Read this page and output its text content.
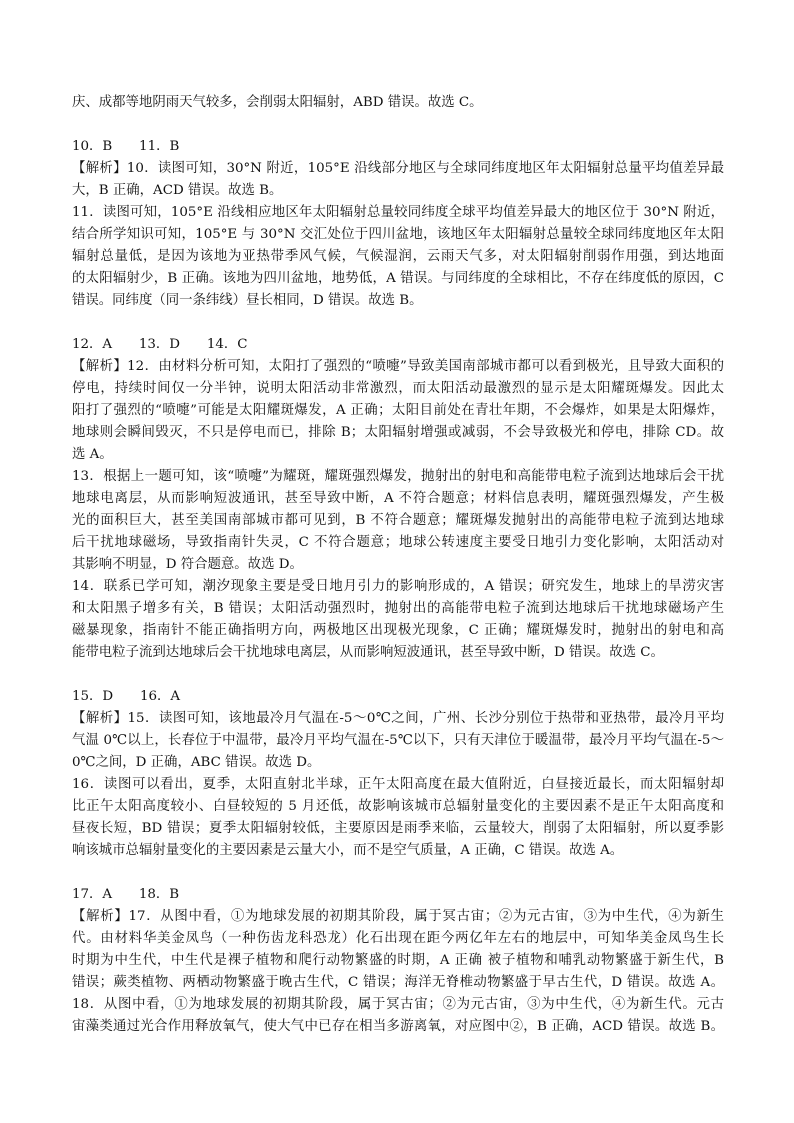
庆、成都等地阴雨天气较多，会削弱太阳辐射，ABD 错误。故选 C。
10．B　　11．B
【解析】10．读图可知，30°N 附近，105°E 沿线部分地区与全球同纬度地区年太阳辐射总量平均值差异最
大，B 正确，ACD 错误。故选 B。
11．读图可知，105°E 沿线相应地区年太阳辐射总量较同纬度全球平均值差异最大的地区位于 30°N 附近，
结合所学知识可知，105°E 与 30°N 交汇处位于四川盆地，该地区年太阳辐射总量较全球同纬度地区年太阳
辐射总量低，是因为该地为亚热带季风气候，气候湿润，云雨天气多，对太阳辐射削弱作用强，到达地面
的太阳辐射少，B 正确。该地为四川盆地，地势低，A 错误。与同纬度的全球相比，不存在纬度低的原因，C
错误。同纬度（同一条纬线）昼长相同，D 错误。故选 B。
12．A　　13．D　　14．C
【解析】12．由材料分析可知，太阳打了强烈的“喷嚏”导致美国南部城市都可以看到极光，且导致大面积的
停电，持续时间仅一分半钟，说明太阳活动非常激烈，而太阳活动最激烈的显示是太阳耀斑爆发。因此太
阳打了强烈的“喷嚏”可能是太阳耀斑爆发，A 正确；太阳目前处在青壮年期，不会爆炸，如果是太阳爆炸，
地球则会瞬间毁灭，不只是停电而已，排除 B；太阳辐射增强或减弱，不会导致极光和停电，排除 CD。故
选 A。
13．根据上一题可知，该“喷嚏”为耀斑，耀斑强烈爆发，抛射出的射电和高能带电粒子流到达地球后会干扰
地球电离层，从而影响短波通讯，甚至导致中断，A 不符合题意；材料信息表明，耀斑强烈爆发，产生极
光的面积巨大，甚至美国南部城市都可见到，B 不符合题意；耀斑爆发抛射出的高能带电粒子流到达地球
后干扰地球磁场，导致指南针失灵，C 不符合题意；地球公转速度主要受日地引力变化影响，太阳活动对
其影响不明显，D 符合题意。故选 D。
14．联系已学可知，潮汐现象主要是受日地月引力的影响形成的，A 错误；研究发生，地球上的旱涝灾害
和太阳黑子增多有关，B 错误；太阳活动强烈时，抛射出的高能带电粒子流到达地球后干扰地球磁场产生
磁暴现象，指南针不能正确指明方向，两极地区出现极光现象，C 正确；耀斑爆发时，抛射出的射电和高
能带电粒子流到达地球后会干扰地球电离层，从而影响短波通讯，甚至导致中断，D 错误。故选 C。
15．D　　16．A
【解析】15．读图可知，该地最冷月气温在-5～0℃之间，广州、长沙分别位于热带和亚热带，最冷月平均
气温 0℃以上，长春位于中温带，最冷月平均气温在-5℃以下，只有天津位于暖温带，最冷月平均气温在-5～
0℃之间，D 正确，ABC 错误。故选 D。
16．读图可以看出，夏季，太阳直射北半球，正午太阳高度在最大值附近，白昼接近最长，而太阳辐射却
比正午太阳高度较小、白昼较短的 5 月还低，故影响该城市总辐射量变化的主要因素不是正午太阳高度和
昼夜长短，BD 错误；夏季太阳辐射较低，主要原因是雨季来临，云量较大，削弱了太阳辐射，所以夏季影
响该城市总辐射量变化的主要因素是云量大小，而不是空气质量，A 正确，C 错误。故选 A。
17．A　　18．B
【解析】17．从图中看，①为地球发展的初期其阶段，属于冥古宙；②为元古宙，③为中生代，④为新生
代。由材料华美金凤鸟（一种伤齿龙科恐龙）化石出现在距今两亿年左右的地层中，可知华美金凤鸟生长
时期为中生代，中生代是裸子植物和爬行动物繁盛的时期，A 正确 被子植物和哺乳动物繁盛于新生代，B
错误；蕨类植物、两栖动物繁盛于晚古生代，C 错误；海洋无脊椎动物繁盛于早古生代，D 错误。故选 A。
18．从图中看，①为地球发展的初期其阶段，属于冥古宙；②为元古宙，③为中生代，④为新生代。元古
宙藻类通过光合作用释放氧气，使大气中已存在相当多游离氧，对应图中②，B 正确，ACD 错误。故选 B。
